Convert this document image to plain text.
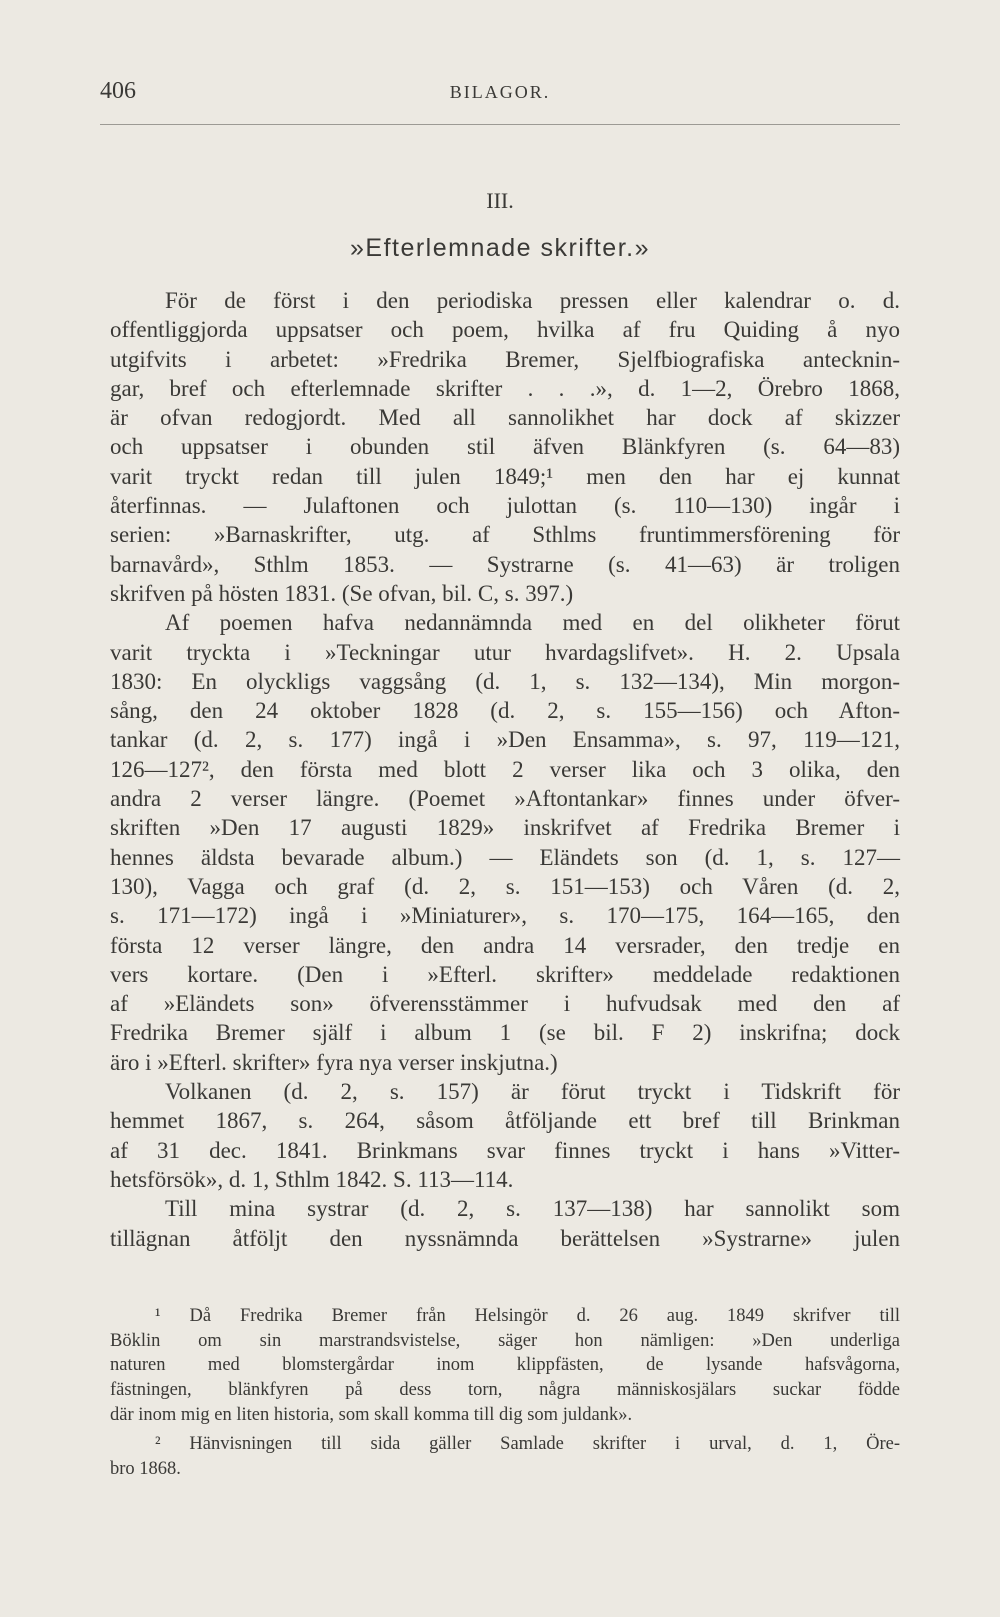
406	BILAGOR.
III.
»Efterlemnade skrifter.»
För de först i den periodiska pressen eller kalendrar o. d.
offentliggjorda uppsatser och poem, hvilka af fru Quiding å nyo
utgifvits i arbetet: »Fredrika Bremer, Sjelfbiografiska antecknin-
gar, bref och efterlemnade skrifter . . .», d. 1—2, Örebro 1868,
är ofvan redogjordt. Med all sannolikhet har dock af skizzer
och uppsatser i obunden stil äfven Blänkfyren (s. 64—83)
varit tryckt redan till julen 1849;¹ men den har ej kunnat
återfinnas. — Julaftonen och julottan (s. 110—130) ingår i
serien: »Barnaskrifter, utg. af Sthlms fruntimmersförening för
barnavård», Sthlm 1853. — Systrarne (s. 41—63) är troligen
skrifven på hösten 1831. (Se ofvan, bil. C, s. 397.)
Af poemen hafva nedannämnda med en del olikheter förut
varit tryckta i »Teckningar utur hvardagslifvet». H. 2. Upsala
1830: En olyckligs vaggsång (d. 1, s. 132—134), Min morgon-
sång, den 24 oktober 1828 (d. 2, s. 155—156) och Afton-
tankar (d. 2, s. 177) ingå i »Den Ensamma», s. 97, 119—121,
126—127², den första med blott 2 verser lika och 3 olika, den
andra 2 verser längre. (Poemet »Aftontankar» finnes under öfver-
skriften »Den 17 augusti 1829» inskrifvet af Fredrika Bremer i
hennes äldsta bevarade album.) — Eländets son (d. 1, s. 127—
130), Vagga och graf (d. 2, s. 151—153) och Våren (d. 2,
s. 171—172) ingå i »Miniaturer», s. 170—175, 164—165, den
första 12 verser längre, den andra 14 versrader, den tredje en
vers kortare. (Den i »Efterl. skrifter» meddelade redaktionen
af »Eländets son» öfverensstämmer i hufvudsak med den af
Fredrika Bremer själf i album 1 (se bil. F 2) inskrifna; dock
äro i »Efterl. skrifter» fyra nya verser inskjutna.)
Volkanen (d. 2, s. 157) är förut tryckt i Tidskrift för
hemmet 1867, s. 264, såsom åtföljande ett bref till Brinkman
af 31 dec. 1841. Brinkmans svar finnes tryckt i hans »Vitter-
hetsförsök», d. 1, Sthlm 1842. S. 113—114.
Till mina systrar (d. 2, s. 137—138) har sannolikt som
tillägnan åtföljt den nyssnämnda berättelsen »Systrarne» julen
¹ Då Fredrika Bremer från Helsingör d. 26 aug. 1849 skrifver till
Böklin om sin marstrandsvistelse, säger hon nämligen: »Den underliga
naturen med blomstergårdar inom klippfästen, de lysande hafsvågorna,
fästningen, blänkfyren på dess torn, några människosjälars suckar födde
där inom mig en liten historia, som skall komma till dig som juldank».
² Hänvisningen till sida gäller Samlade skrifter i urval, d. 1, Öre-
bro 1868.
